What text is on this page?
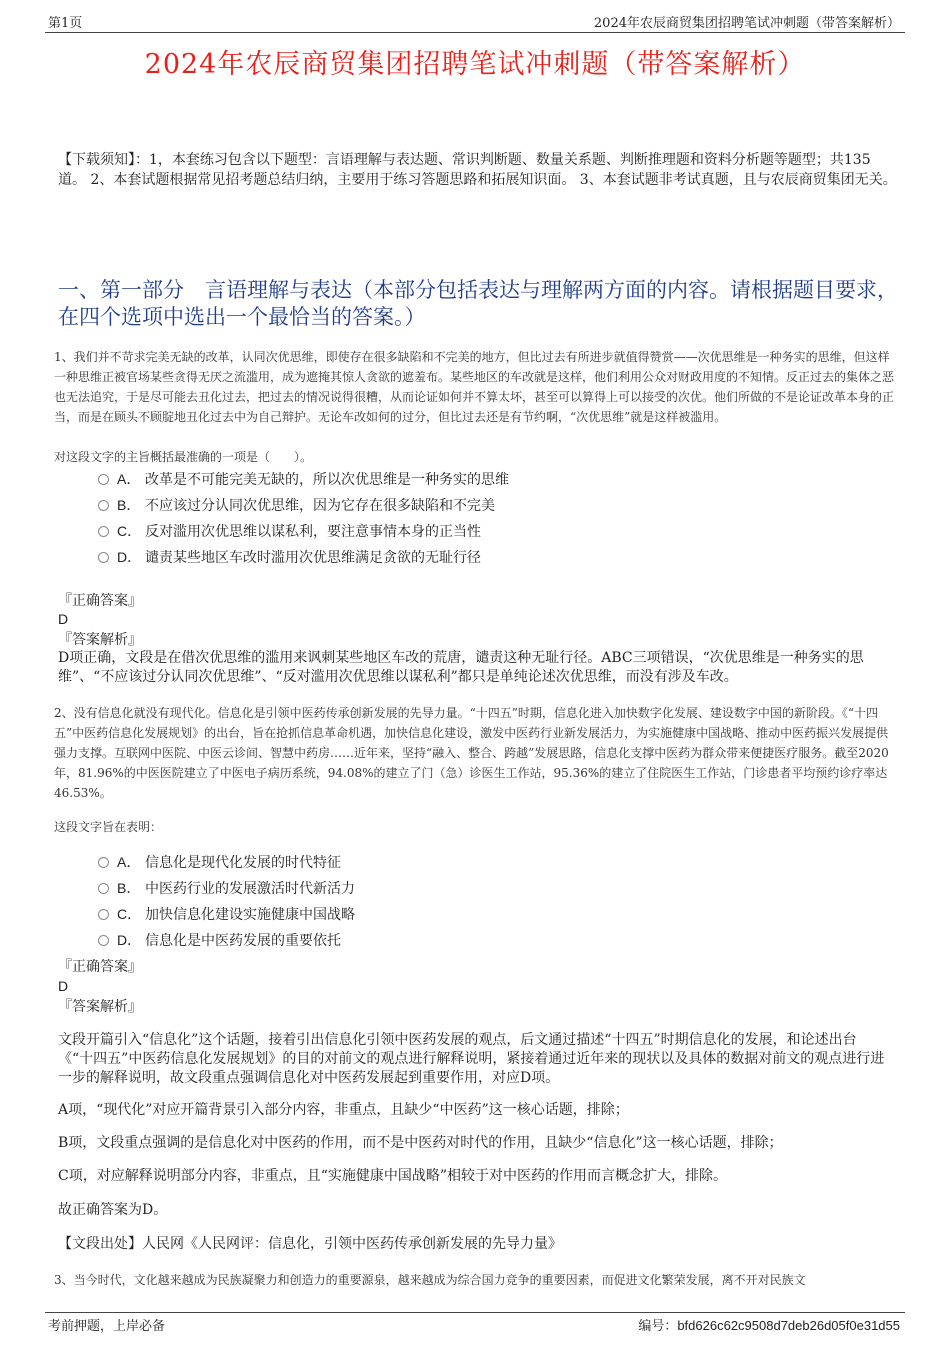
第1页	2024年农辰商贸集团招聘笔试冲刺题（带答案解析）
2024年农辰商贸集团招聘笔试冲刺题（带答案解析）
【下载须知】：1，本套练习包含以下题型：言语理解与表达题、常识判断题、数量关系题、判断推理题和资料分析题等题型；共135道。 2、本套试题根据常见招考题总结归纳，主要用于练习答题思路和拓展知识面。 3、本套试题非考试真题，且与农辰商贸集团无关。
一、第一部分　言语理解与表达（本部分包括表达与理解两方面的内容。请根据题目要求，在四个选项中选出一个最恰当的答案。）
1、我们并不苛求完美无缺的改革，认同次优思维，即使存在很多缺陷和不完美的地方，但比过去有所进步就值得赞赏——次优思维是一种务实的思维，但这样一种思维正被官场某些贪得无厌之流滥用，成为遮掩其惊人贪欲的遮羞布。某些地区的车改就是这样，他们利用公众对财政用度的不知情。反正过去的集体之恶也无法追究，于是尽可能去丑化过去，把过去的情况说得很糟，从而论证如何并不算太坏，甚至可以算得上可以接受的次优。他们所做的不是论证改革本身的正当，而是在顾头不顾腚地丑化过去中为自己辩护。无论车改如何的过分，但比过去还是有节约啊，“次优思维”就是这样被滥用。
对这段文字的主旨概括最准确的一项是（　　）。
A． 改革是不可能完美无缺的，所以次优思维是一种务实的思维
B． 不应该过分认同次优思维，因为它存在很多缺陷和不完美
C． 反对滥用次优思维以谋私利，要注意事情本身的正当性
D． 谴责某些地区车改时滥用次优思维满足贪欲的无耻行径
『正确答案』
D
『答案解析』
D项正确，文段是在借次优思维的滥用来讽刺某些地区车改的荒唐，谴责这种无耻行径。ABC三项错误，“次优思维是一种务实的思维”、“不应该过分认同次优思维”、“反对滥用次优思维以谋私利”都只是单纯论述次优思维，而没有涉及车改。
2、没有信息化就没有现代化。信息化是引领中医药传承创新发展的先导力量。“十四五”时期，信息化进入加快数字化发展、建设数字中国的新阶段。《“十四五”中医药信息化发展规划》的出台，旨在抢抓信息革命机遇，加快信息化建设，激发中医药行业新发展活力，为实施健康中国战略、推动中医药振兴发展提供强力支撑。互联网中医院、中医云诊间、智慧中药房……近年来，坚持“融入、整合、跨越”发展思路，信息化支撑中医药为群众带来便捷医疗服务。截至2020年，81.96%的中医医院建立了中医电子病历系统，94.08%的建立了门（急）诊医生工作站，95.36%的建立了住院医生工作站，门诊患者平均预约诊疗率达46.53%。
这段文字旨在表明：
A． 信息化是现代化发展的时代特征
B． 中医药行业的发展激活时代新活力
C． 加快信息化建设实施健康中国战略
D． 信息化是中医药发展的重要依托
『正确答案』
D
『答案解析』
文段开篇引入“信息化”这个话题，接着引出信息化引领中医药发展的观点，后文通过描述“十四五”时期信息化的发展，和论述出台《“十四五”中医药信息化发展规划》的目的对前文的观点进行解释说明，紧接着通过近年来的现状以及具体的数据对前文的观点进行进一步的解释说明，故文段重点强调信息化对中医药发展起到重要作用，对应D项。
A项，“现代化”对应开篇背景引入部分内容，非重点，且缺少“中医药”这一核心话题，排除；
B项，文段重点强调的是信息化对中医药的作用，而不是中医药对时代的作用，且缺少“信息化”这一核心话题，排除；
C项，对应解释说明部分内容，非重点，且“实施健康中国战略”相较于对中医药的作用而言概念扩大，排除。
故正确答案为D。
【文段出处】人民网《人民网评：信息化，引领中医药传承创新发展的先导力量》
3、当今时代，文化越来越成为民族凝聚力和创造力的重要源泉，越来越成为综合国力竞争的重要因素，而促进文化繁荣发展，离不开对民族文
考前押题，上岸必备	编号：bfd626c62c9508d7deb26d05f0e31d55
